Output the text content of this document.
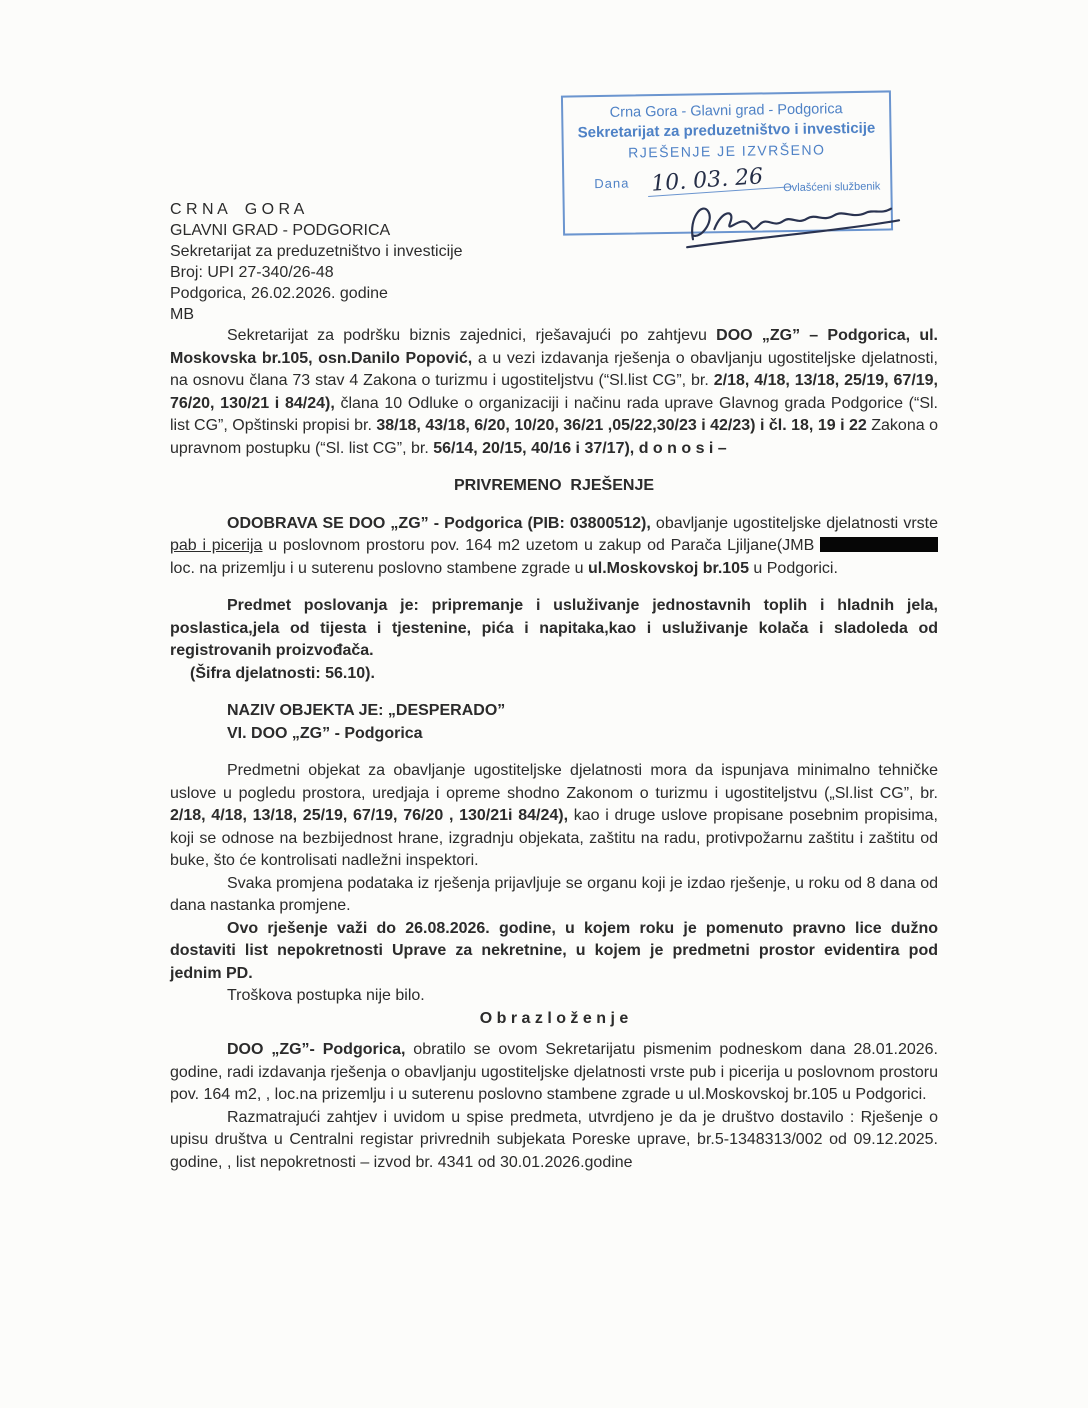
Crna Gora - Glavni grad - Podgorica
Sekretarijat za preduzetništvo i investicije
RJEŠENJE JE IZVRŠENO
Dana 10. 03. 26	Ovlašćeni službenik
C R N A    G O R A
GLAVNI GRAD - PODGORICA
Sekretarijat za preduzetništvo i investicije
Broj: UPI 27-340/26-48
Podgorica, 26.02.2026. godine
MB
Sekretarijat za podršku biznis zajednici, rješavajući po zahtjevu DOO „ZG” – Podgorica, ul. Moskovska br.105, osn.Danilo Popović, a u vezi izdavanja rješenja o obavljanju ugostiteljske djelatnosti, na osnovu člana 73 stav 4 Zakona o turizmu i ugostiteljstvu (“Sl.list CG”, br. 2/18, 4/18, 13/18, 25/19, 67/19, 76/20, 130/21 i 84/24), člana 10 Odluke o organizaciji i načinu rada uprave Glavnog grada Podgorice (“Sl. list CG”, Opštinski propisi br. 38/18, 43/18, 6/20, 10/20, 36/21 ,05/22,30/23 i 42/23) i čl. 18, 19 i 22 Zakona o upravnom postupku (“Sl. list CG”, br. 56/14, 20/15, 40/16 i 37/17), d o n o s i –
PRIVREMENO  RJEŠENJE
ODOBRAVA SE DOO „ZG” - Podgorica (PIB: 03800512), obavljanje ugostiteljske djelatnosti vrste pab i picerija u poslovnom prostoru pov. 164 m2 uzetom u zakup od Parača Ljiljane(JMB  loc. na prizemlju i u suterenu poslovno stambene zgrade u ul.Moskovskoj br.105 u Podgorici.
Predmet poslovanja je: pripremanje i usluživanje jednostavnih toplih i hladnih jela, poslastica,jela od tijesta i tjestenine, pića i napitaka,kao i usluživanje kolača i sladoleda od registrovanih proizvođača.
(Šifra djelatnosti: 56.10).
NAZIV OBJEKTA JE: „DESPERADO”
VI. DOO „ZG” - Podgorica
Predmetni objekat za obavljanje ugostiteljske djelatnosti mora da ispunjava minimalno tehničke uslove u pogledu prostora, uredjaja i opreme shodno Zakonom o turizmu i ugostiteljstvu („Sl.list CG”, br. 2/18, 4/18, 13/18, 25/19, 67/19, 76/20 , 130/21i 84/24), kao i druge uslove propisane posebnim propisima, koji se odnose na bezbijednost hrane, izgradnju objekata, zaštitu na radu, protivpožarnu zaštitu i zaštitu od buke, što će kontrolisati nadležni inspektori.
Svaka promjena podataka iz rješenja prijavljuje se organu koji je izdao rješenje, u roku od 8 dana od dana nastanka promjene.
Ovo rješenje važi do 26.08.2026. godine, u kojem roku je pomenuto pravno lice dužno dostaviti list nepokretnosti Uprave za nekretnine, u kojem je predmetni prostor evidentira pod jednim PD.
Troškova postupka nije bilo.
O b r a z l o ž e n j e
DOO „ZG”- Podgorica, obratilo se ovom Sekretarijatu pismenim podneskom dana 28.01.2026. godine, radi izdavanja rješenja o obavljanju ugostiteljske djelatnosti vrste pub i picerija u poslovnom prostoru pov. 164 m2, , loc.na prizemlju i u suterenu poslovno stambene zgrade u ul.Moskovskoj br.105 u Podgorici.
Razmatrajući zahtjev i uvidom u spise predmeta, utvrdjeno je da je društvo dostavilo : Rješenje o upisu društva u Centralni registar privrednih subjekata Poreske uprave, br.5-1348313/002 od 09.12.2025. godine, , list nepokretnosti – izvod br. 4341 od 30.01.2026.godine
